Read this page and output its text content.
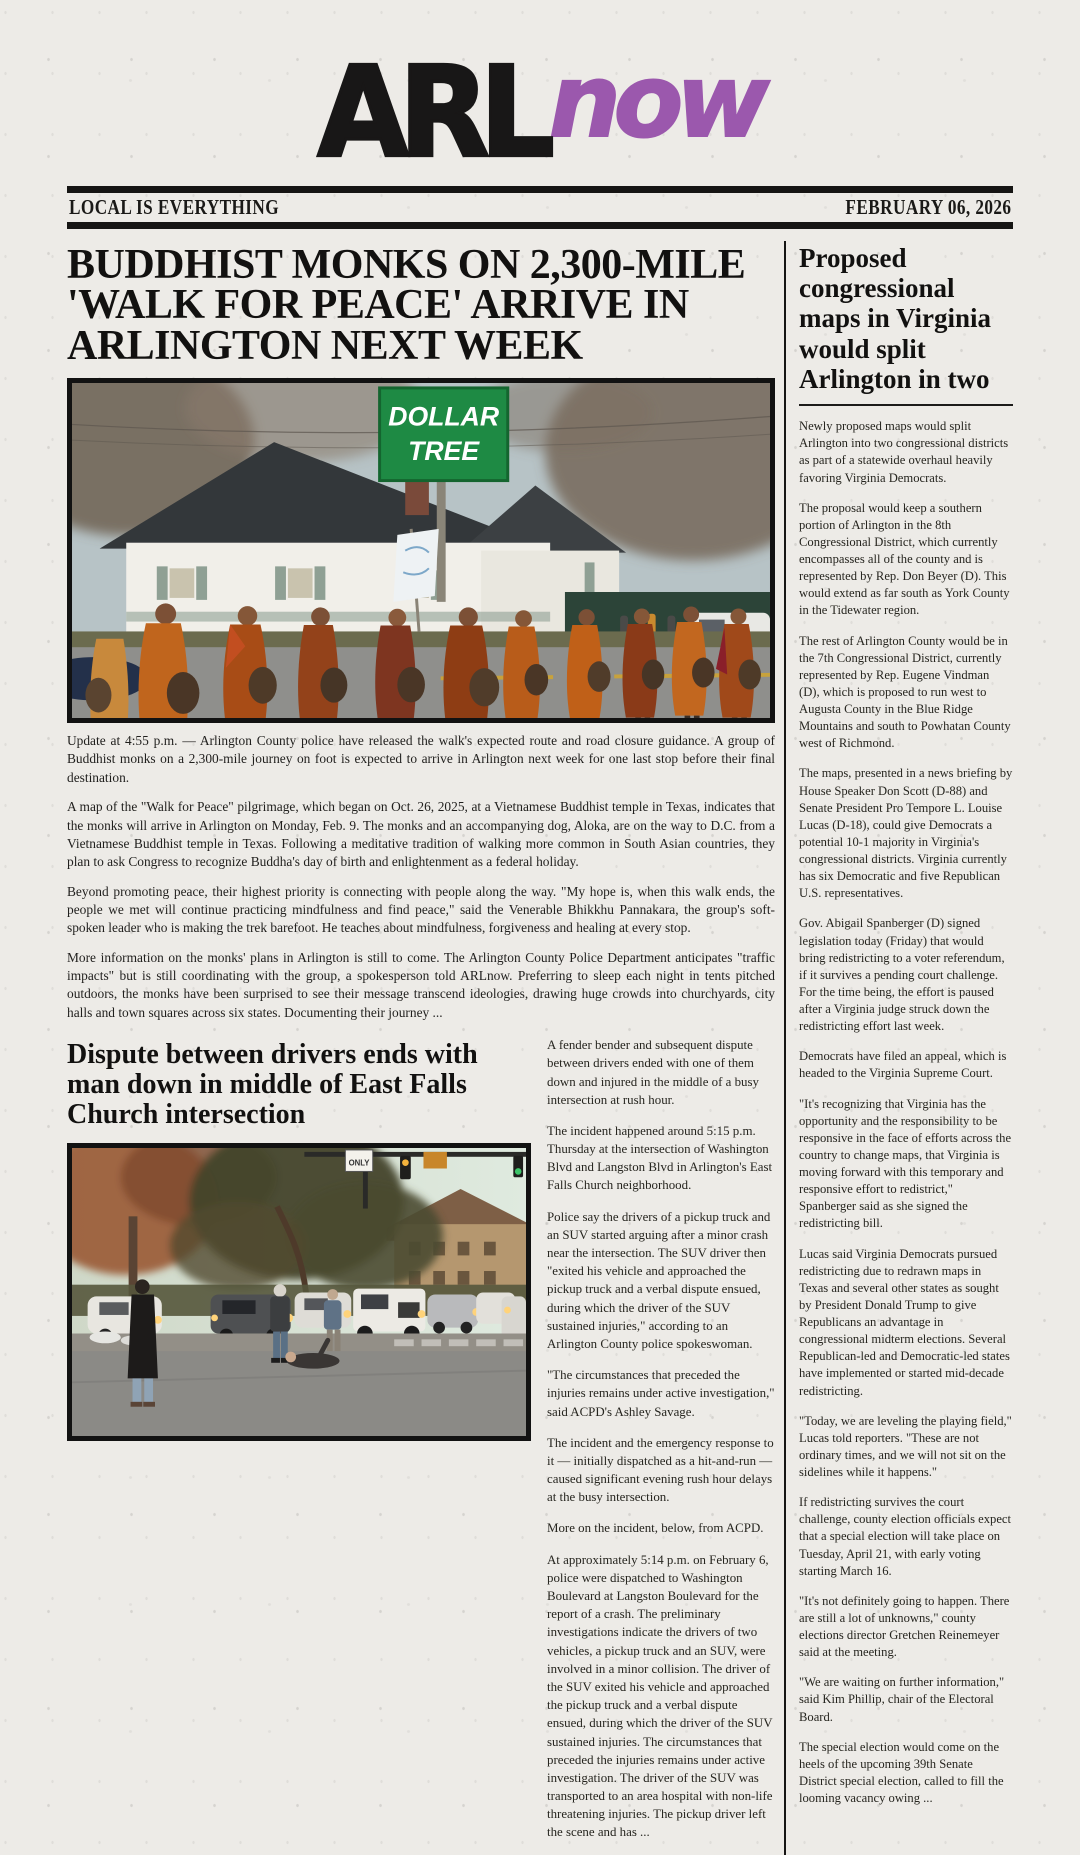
ARLnow
LOCAL IS EVERYTHING	FEBRUARY 06, 2026
BUDDHIST MONKS ON 2,300-MILE 'WALK FOR PEACE' ARRIVE IN ARLINGTON NEXT WEEK
DOLLAR
TREE

Update at 4:55 p.m. — Arlington County police have released the walk's expected route and road closure guidance. A group of Buddhist monks on a 2,300-mile journey on foot is expected to arrive in Arlington next week for one last stop before their final destination.

A map of the "Walk for Peace" pilgrimage, which began on Oct. 26, 2025, at a Vietnamese Buddhist temple in Texas, indicates that the monks will arrive in Arlington on Monday, Feb. 9. The monks and an accompanying dog, Aloka, are on the way to D.C. from a Vietnamese Buddhist temple in Texas. Following a meditative tradition of walking more common in South Asian countries, they plan to ask Congress to recognize Buddha's day of birth and enlightenment as a federal holiday.

Beyond promoting peace, their highest priority is connecting with people along the way. "My hope is, when this walk ends, the people we met will continue practicing mindfulness and find peace," said the Venerable Bhikkhu Pannakara, the group's soft-spoken leader who is making the trek barefoot. He teaches about mindfulness, forgiveness and healing at every stop.

More information on the monks' plans in Arlington is still to come. The Arlington County Police Department anticipates "traffic impacts" but is still coordinating with the group, a spokesperson told ARLnow. Preferring to sleep each night in tents pitched outdoors, the monks have been surprised to see their message transcend ideologies, drawing huge crowds into churchyards, city halls and town squares across six states. Documenting their journey ...

Dispute between drivers ends with man down in middle of East Falls Church intersection
ONLY

A fender bender and subsequent dispute between drivers ended with one of them down and injured in the middle of a busy intersection at rush hour.

The incident happened around 5:15 p.m. Thursday at the intersection of Washington Blvd and Langston Blvd in Arlington's East Falls Church neighborhood.

Police say the drivers of a pickup truck and an SUV started arguing after a minor crash near the intersection. The SUV driver then "exited his vehicle and approached the pickup truck and a verbal dispute ensued, during which the driver of the SUV sustained injuries," according to an Arlington County police spokeswoman.

"The circumstances that preceded the injuries remains under active investigation," said ACPD's Ashley Savage.

The incident and the emergency response to it — initially dispatched as a hit-and-run — caused significant evening rush hour delays at the busy intersection.

More on the incident, below, from ACPD.

At approximately 5:14 p.m. on February 6, police were dispatched to Washington Boulevard at Langston Boulevard for the report of a crash. The preliminary investigations indicate the drivers of two vehicles, a pickup truck and an SUV, were involved in a minor collision. The driver of the SUV exited his vehicle and approached the pickup truck and a verbal dispute ensued, during which the driver of the SUV sustained injuries. The circumstances that preceded the injuries remains under active investigation. The driver of the SUV was transported to an area hospital with non-life threatening injuries. The pickup driver left the scene and has ...

Proposed congressional maps in Virginia would split Arlington in two

Newly proposed maps would split Arlington into two congressional districts as part of a statewide overhaul heavily favoring Virginia Democrats.

The proposal would keep a southern portion of Arlington in the 8th Congressional District, which currently encompasses all of the county and is represented by Rep. Don Beyer (D). This would extend as far south as York County in the Tidewater region.

The rest of Arlington County would be in the 7th Congressional District, currently represented by Rep. Eugene Vindman (D), which is proposed to run west to Augusta County in the Blue Ridge Mountains and south to Powhatan County west of Richmond.

The maps, presented in a news briefing by House Speaker Don Scott (D-88) and Senate President Pro Tempore L. Louise Lucas (D-18), could give Democrats a potential 10-1 majority in Virginia's congressional districts. Virginia currently has six Democratic and five Republican U.S. representatives.

Gov. Abigail Spanberger (D) signed legislation today (Friday) that would bring redistricting to a voter referendum, if it survives a pending court challenge. For the time being, the effort is paused after a Virginia judge struck down the redistricting effort last week.

Democrats have filed an appeal, which is headed to the Virginia Supreme Court.

"It's recognizing that Virginia has the opportunity and the responsibility to be responsive in the face of efforts across the country to change maps, that Virginia is moving forward with this temporary and responsive effort to redistrict," Spanberger said as she signed the redistricting bill.

Lucas said Virginia Democrats pursued redistricting due to redrawn maps in Texas and several other states as sought by President Donald Trump to give Republicans an advantage in congressional midterm elections. Several Republican-led and Democratic-led states have implemented or started mid-decade redistricting.

"Today, we are leveling the playing field," Lucas told reporters. "These are not ordinary times, and we will not sit on the sidelines while it happens."

If redistricting survives the court challenge, county election officials expect that a special election will take place on Tuesday, April 21, with early voting starting March 16.

"It's not definitely going to happen. There are still a lot of unknowns," county elections director Gretchen Reinemeyer said at the meeting.

"We are waiting on further information," said Kim Phillip, chair of the Electoral Board.

The special election would come on the heels of the upcoming 39th Senate District special election, called to fill the looming vacancy owing ...
